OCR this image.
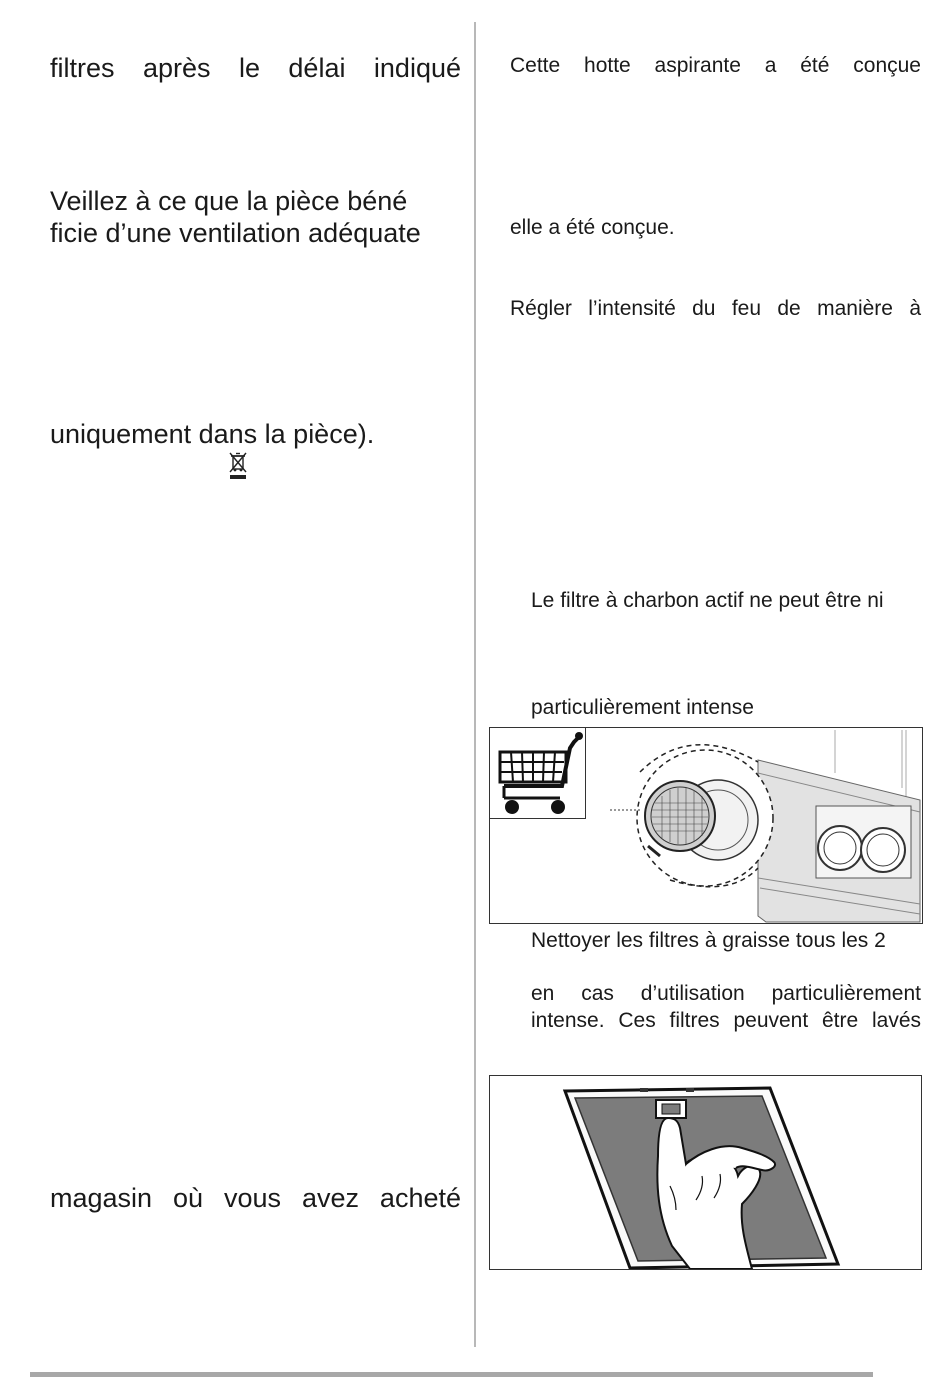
filtres après le délai indiqué
Veillez à ce que la pièce béné
ficie d’une ventilation adéquate
uniquement dans la pièce).
magasin où vous avez acheté
Cette hotte aspirante a été conçue
elle a été conçue.
Régler l’intensité du feu de manière à
Le filtre à charbon actif ne peut être ni
particulièrement intense
Nettoyer les filtres à graisse tous les 2
en cas d’utilisation particulièrement
intense. Ces filtres peuvent être lavés
